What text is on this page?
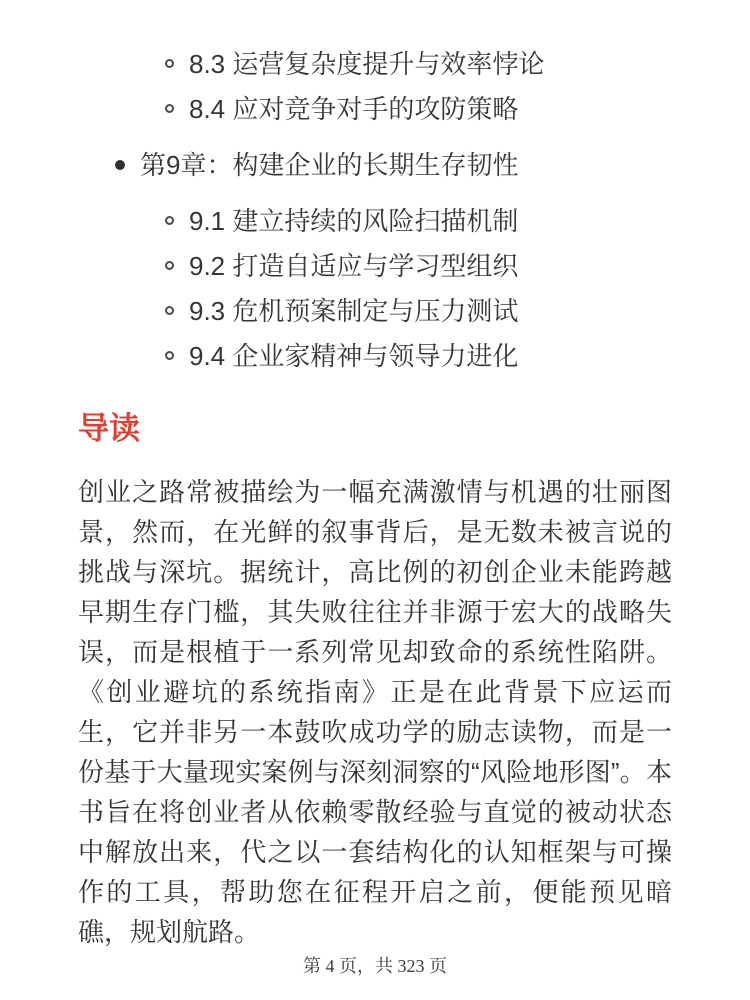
8.3 运营复杂度提升与效率悖论
8.4 应对竞争对手的攻防策略
第9章：构建企业的长期生存韧性
9.1 建立持续的风险扫描机制
9.2 打造自适应与学习型组织
9.3 危机预案制定与压力测试
9.4 企业家精神与领导力进化
导读

创业之路常被描绘为一幅充满激情与机遇的壮丽图景，然而，在光鲜的叙事背后，是无数未被言说的挑战与深坑。据统计，高比例的初创企业未能跨越早期生存门槛，其失败往往并非源于宏大的战略失误，而是根植于一系列常见却致命的系统性陷阱。《创业避坑的系统指南》正是在此背景下应运而生，它并非另一本鼓吹成功学的励志读物，而是一份基于大量现实案例与深刻洞察的“风险地形图”。本书旨在将创业者从依赖零散经验与直觉的被动状态中解放出来，代之以一套结构化的认知框架与可操作的工具，帮助您在征程开启之前，便能预见暗礁，规划航路。

第 4 页，共 323 页
